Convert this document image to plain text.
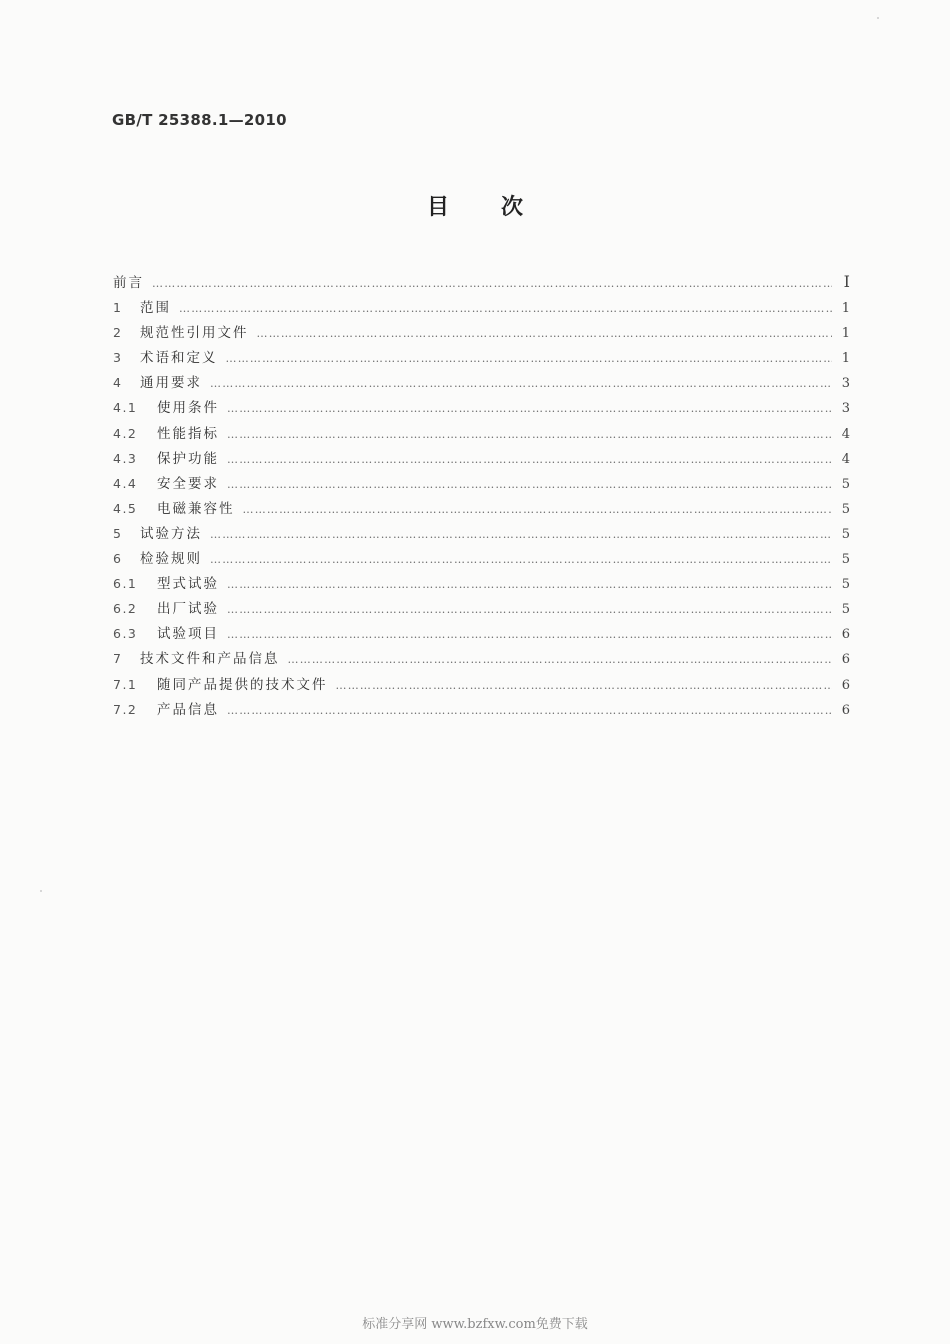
GB/T 25388.1—2010
目 次
前言 ……………………………………………………………………………………………………………………………………………………………………………………………………………………………………	Ⅰ
1	范围 ……………………………………………………………………………………………………………………………………………………………………………………………………………………………………	1
2	规范性引用文件 ……………………………………………………………………………………………………………………………………………………………………………………………………………………………………	1
3	术语和定义 ……………………………………………………………………………………………………………………………………………………………………………………………………………………………………	1
4	通用要求 ……………………………………………………………………………………………………………………………………………………………………………………………………………………………………	3
4.1	使用条件 ……………………………………………………………………………………………………………………………………………………………………………………………………………………………………	3
4.2	性能指标 ……………………………………………………………………………………………………………………………………………………………………………………………………………………………………	4
4.3	保护功能 ……………………………………………………………………………………………………………………………………………………………………………………………………………………………………	4
4.4	安全要求 ……………………………………………………………………………………………………………………………………………………………………………………………………………………………………	5
4.5	电磁兼容性 ……………………………………………………………………………………………………………………………………………………………………………………………………………………………………	5
5	试验方法 ……………………………………………………………………………………………………………………………………………………………………………………………………………………………………	5
6	检验规则 ……………………………………………………………………………………………………………………………………………………………………………………………………………………………………	5
6.1	型式试验 ……………………………………………………………………………………………………………………………………………………………………………………………………………………………………	5
6.2	出厂试验 ……………………………………………………………………………………………………………………………………………………………………………………………………………………………………	5
6.3	试验项目 ……………………………………………………………………………………………………………………………………………………………………………………………………………………………………	6
7	技术文件和产品信息 ……………………………………………………………………………………………………………………………………………………………………………………………………………………………………	6
7.1	随同产品提供的技术文件 ……………………………………………………………………………………………………………………………………………………………………………………………………………………………………	6
7.2	产品信息 ……………………………………………………………………………………………………………………………………………………………………………………………………………………………………	6
标准分享网 www.bzfxw.com免费下载
